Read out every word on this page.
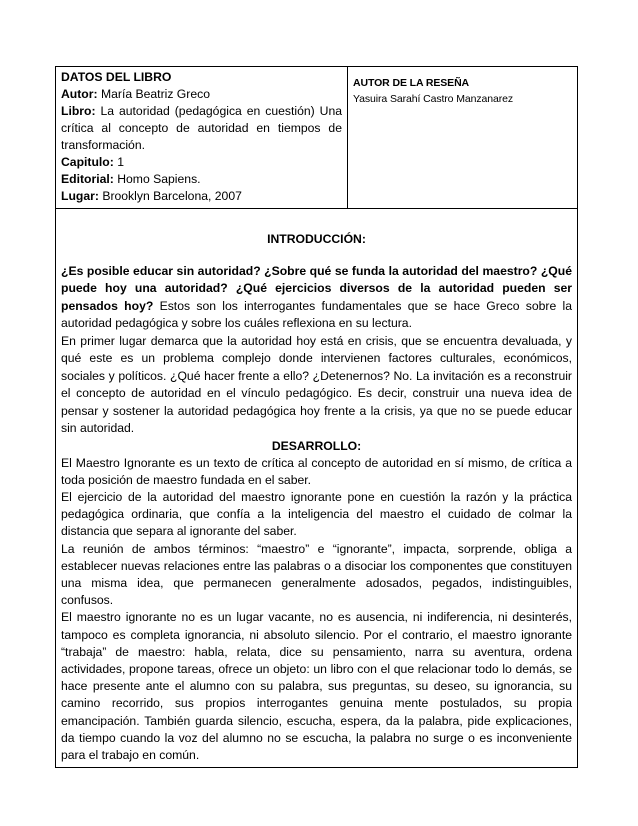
DATOS DEL LIBRO
Autor: María Beatriz Greco
Libro: La autoridad (pedagógica en cuestión) Una crítica al concepto de autoridad en tiempos de transformación.
Capitulo: 1
Editorial: Homo Sapiens.
Lugar: Brooklyn Barcelona, 2007

AUTOR DE LA RESEÑA
Yasuira Sarahí Castro Manzanarez

INTRODUCCIÓN:

¿Es posible educar sin autoridad? ¿Sobre qué se funda la autoridad del maestro? ¿Qué puede hoy una autoridad? ¿Qué ejercicios diversos de la autoridad pueden ser pensados hoy? Estos son los interrogantes fundamentales que se hace Greco sobre la autoridad pedagógica y sobre los cuáles reflexiona en su lectura.

En primer lugar demarca que la autoridad hoy está en crisis, que se encuentra devaluada, y qué este es un problema complejo donde intervienen factores culturales, económicos, sociales y políticos. ¿Qué hacer frente a ello? ¿Detenernos? No. La invitación es a reconstruir el concepto de autoridad en el vínculo pedagógico. Es decir, construir una nueva idea de pensar y sostener la autoridad pedagógica hoy frente a la crisis, ya que no se puede educar sin autoridad.

DESARROLLO:

El Maestro Ignorante es un texto de crítica al concepto de autoridad en sí mismo, de crítica a toda posición de maestro fundada en el saber.

El ejercicio de la autoridad del maestro ignorante pone en cuestión la razón y la práctica pedagógica ordinaria, que confía a la inteligencia del maestro el cuidado de colmar la distancia que separa al ignorante del saber.

La reunión de ambos términos: “maestro” e “ignorante”, impacta, sorprende, obliga a establecer nuevas relaciones entre las palabras o a disociar los componentes que constituyen una misma idea, que permanecen generalmente adosados, pegados, indistinguibles, confusos.

El maestro ignorante no es un lugar vacante, no es ausencia, ni indiferencia, ni desinterés, tampoco es completa ignorancia, ni absoluto silencio. Por el contrario, el maestro ignorante “trabaja” de maestro: habla, relata, dice su pensamiento, narra su aventura, ordena actividades, propone tareas, ofrece un objeto: un libro con el que relacionar todo lo demás, se hace presente ante el alumno con su palabra, sus preguntas, su deseo, su ignorancia, su camino recorrido, sus propios interrogantes genuina mente postulados, su propia emancipación. También guarda silencio, escucha, espera, da la palabra, pide explicaciones, da tiempo cuando la voz del alumno no se escucha, la palabra no surge o es inconveniente para el trabajo en común.
